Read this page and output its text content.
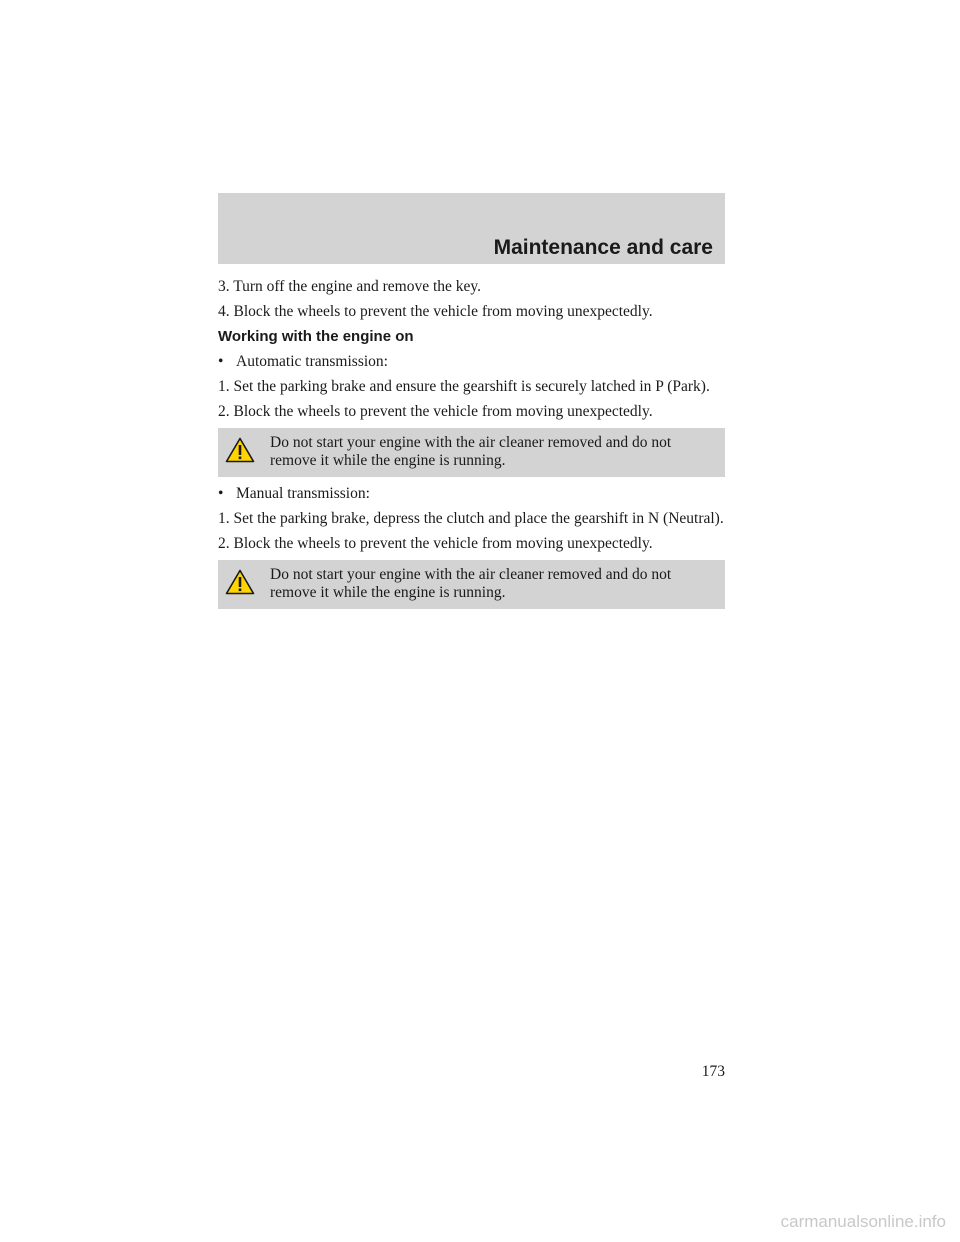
Maintenance and care

3. Turn off the engine and remove the key.

4. Block the wheels to prevent the vehicle from moving unexpectedly.

Working with the engine on

• Automatic transmission:

1. Set the parking brake and ensure the gearshift is securely latched in P (Park).

2. Block the wheels to prevent the vehicle from moving unexpectedly.

Do not start your engine with the air cleaner removed and do not remove it while the engine is running.

• Manual transmission:

1. Set the parking brake, depress the clutch and place the gearshift in N (Neutral).

2. Block the wheels to prevent the vehicle from moving unexpectedly.

Do not start your engine with the air cleaner removed and do not remove it while the engine is running.
173
carmanualsonline.info
